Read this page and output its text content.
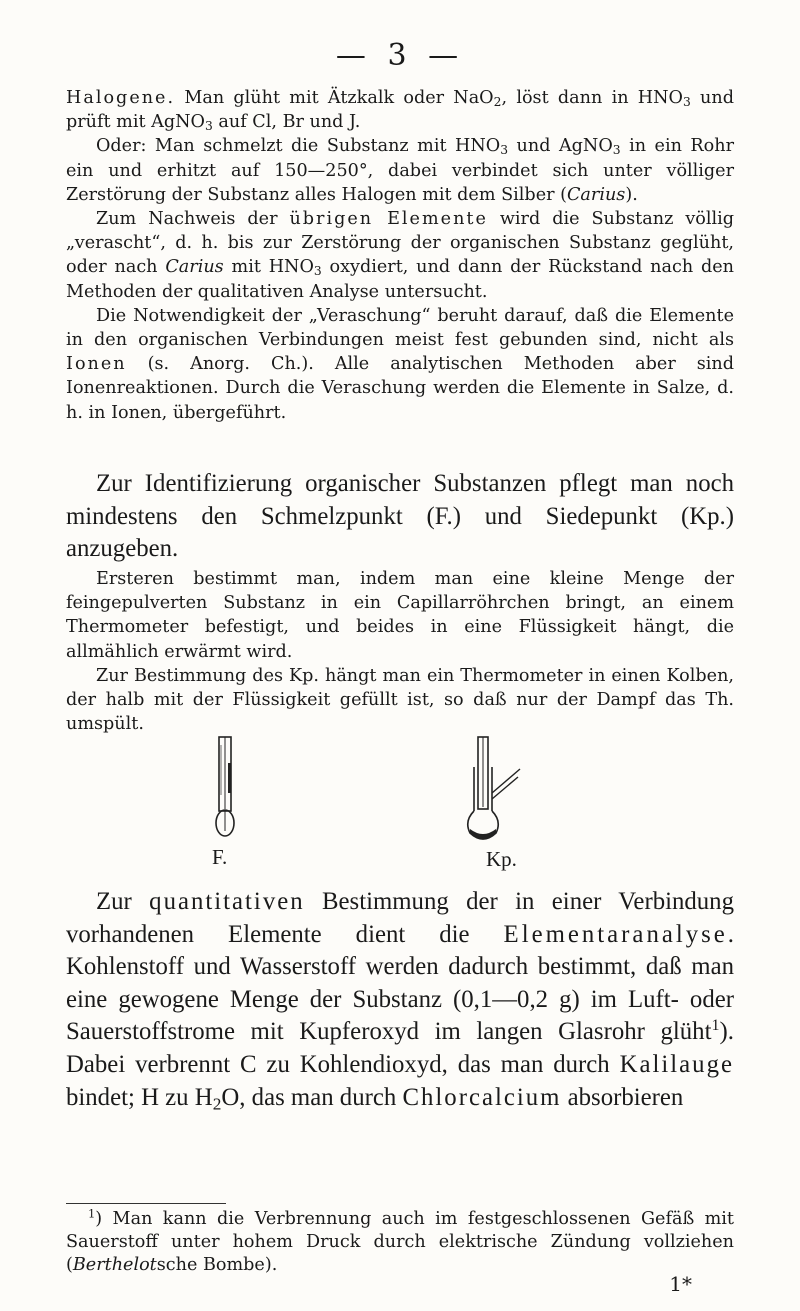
— 3 —

Halogene. Man glüht mit Ätzkalk oder NaO$_2$, löst dann in $HNO_3$ und prüft mit AgNO$_3$ auf Cl, Br und J.

Oder: Man schmelzt die Substanz mit $HNO_3$ und AgNO$_3$ in ein Rohr ein und erhitzt auf 150—250°, dabei verbindet sich unter völliger Zerstörung der Substanz alles Halogen mit dem Silber (Carius).

Zum Nachweis der übrigen Elemente wird die Substanz völlig „verascht“, d. h. bis zur Zerstörung der organischen Substanz geglüht, oder nach Carius mit $HNO_3$ oxydiert, und dann der Rückstand nach den Methoden der qualitativen Analyse untersucht.

Die Notwendigkeit der „Veraschung“ beruht darauf, daß die Elemente in den organischen Verbindungen meist fest gebunden sind, nicht als Ionen (s. Anorg. Ch.). Alle analytischen Methoden aber sind Ionenreaktionen. Durch die Veraschung werden die Elemente in Salze, d. h. in Ionen, übergeführt.

Zur Identifizierung organischer Substanzen pflegt man noch mindestens den Schmelzpunkt (F.) und Siedepunkt (Kp.) anzugeben.

Ersteren bestimmt man, indem man eine kleine Menge der feingepulverten Substanz in ein Capillarröhrchen bringt, an einem Thermometer befestigt, und beides in eine Flüssigkeit hängt, die allmählich erwärmt wird.

Zur Bestimmung des Kp. hängt man ein Thermometer in einen Kolben, der halb mit der Flüssigkeit gefüllt ist, so daß nur der Dampf das Th. umspült.

F.	Kp.

Zur quantitativen Bestimmung der in einer Verbindung vorhandenen Elemente dient die Elementaranalyse. Kohlenstoff und Wasserstoff werden dadurch bestimmt, daß man eine gewogene Menge der Substanz (0,1—0,2 g) im Luft- oder Sauerstoffstrome mit Kupferoxyd im langen Glasrohr glüht$^1$). Dabei verbrennt C zu Kohlendioxyd, das man durch Kalilauge bindet; H zu $H_2O$, das man durch Chlorcalcium absorbieren

$^1$) Man kann die Verbrennung auch im festgeschlossenen Gefäß mit Sauerstoff unter hohem Druck durch elektrische Zündung vollziehen (Berthelotsche Bombe).

1*
